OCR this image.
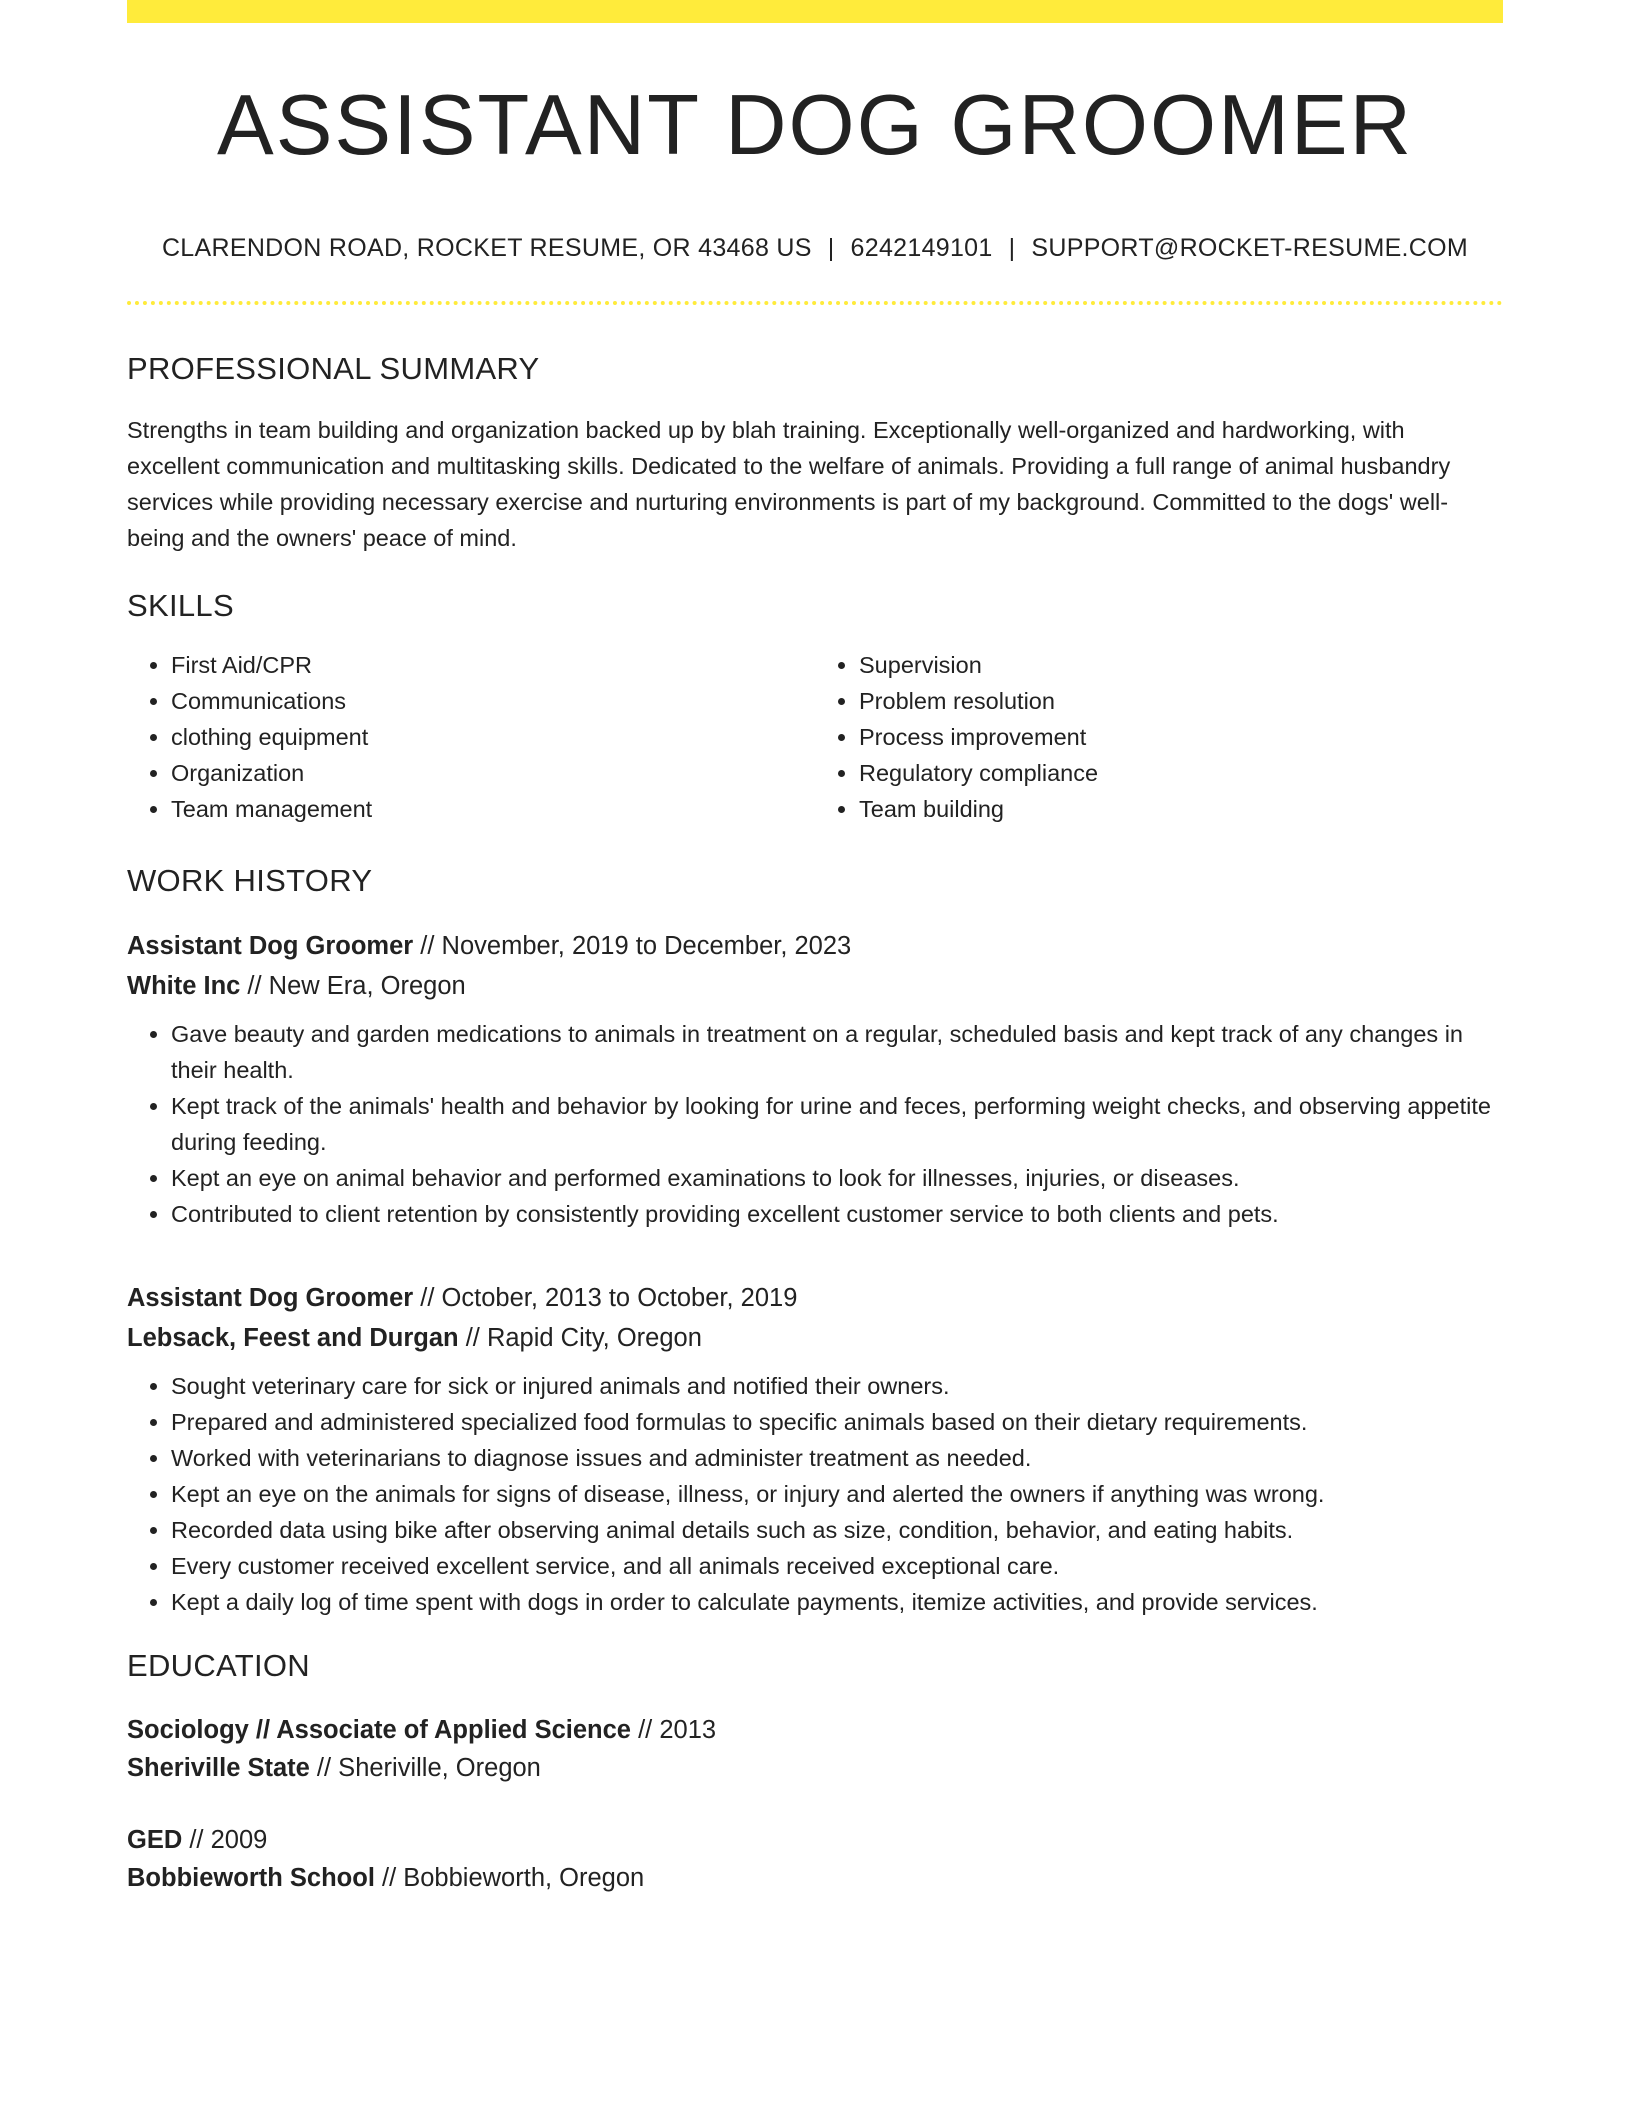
ASSISTANT DOG GROOMER
CLARENDON ROAD, ROCKET RESUME, OR 43468 US | 6242149101 | SUPPORT@ROCKET-RESUME.COM
PROFESSIONAL SUMMARY
Strengths in team building and organization backed up by blah training. Exceptionally well-organized and hardworking, with excellent communication and multitasking skills. Dedicated to the welfare of animals. Providing a full range of animal husbandry services while providing necessary exercise and nurturing environments is part of my background. Committed to the dogs' well-being and the owners' peace of mind.
SKILLS
• First Aid/CPR
• Communications
• clothing equipment
• Organization
• Team management
• Supervision
• Problem resolution
• Process improvement
• Regulatory compliance
• Team building
WORK HISTORY
Assistant Dog Groomer // November, 2019 to December, 2023
White Inc // New Era, Oregon
• Gave beauty and garden medications to animals in treatment on a regular, scheduled basis and kept track of any changes in their health.
• Kept track of the animals' health and behavior by looking for urine and feces, performing weight checks, and observing appetite during feeding.
• Kept an eye on animal behavior and performed examinations to look for illnesses, injuries, or diseases.
• Contributed to client retention by consistently providing excellent customer service to both clients and pets.
Assistant Dog Groomer // October, 2013 to October, 2019
Lebsack, Feest and Durgan // Rapid City, Oregon
• Sought veterinary care for sick or injured animals and notified their owners.
• Prepared and administered specialized food formulas to specific animals based on their dietary requirements.
• Worked with veterinarians to diagnose issues and administer treatment as needed.
• Kept an eye on the animals for signs of disease, illness, or injury and alerted the owners if anything was wrong.
• Recorded data using bike after observing animal details such as size, condition, behavior, and eating habits.
• Every customer received excellent service, and all animals received exceptional care.
• Kept a daily log of time spent with dogs in order to calculate payments, itemize activities, and provide services.
EDUCATION
Sociology // Associate of Applied Science // 2013
Sheriville State // Sheriville, Oregon
GED // 2009
Bobbieworth School // Bobbieworth, Oregon
